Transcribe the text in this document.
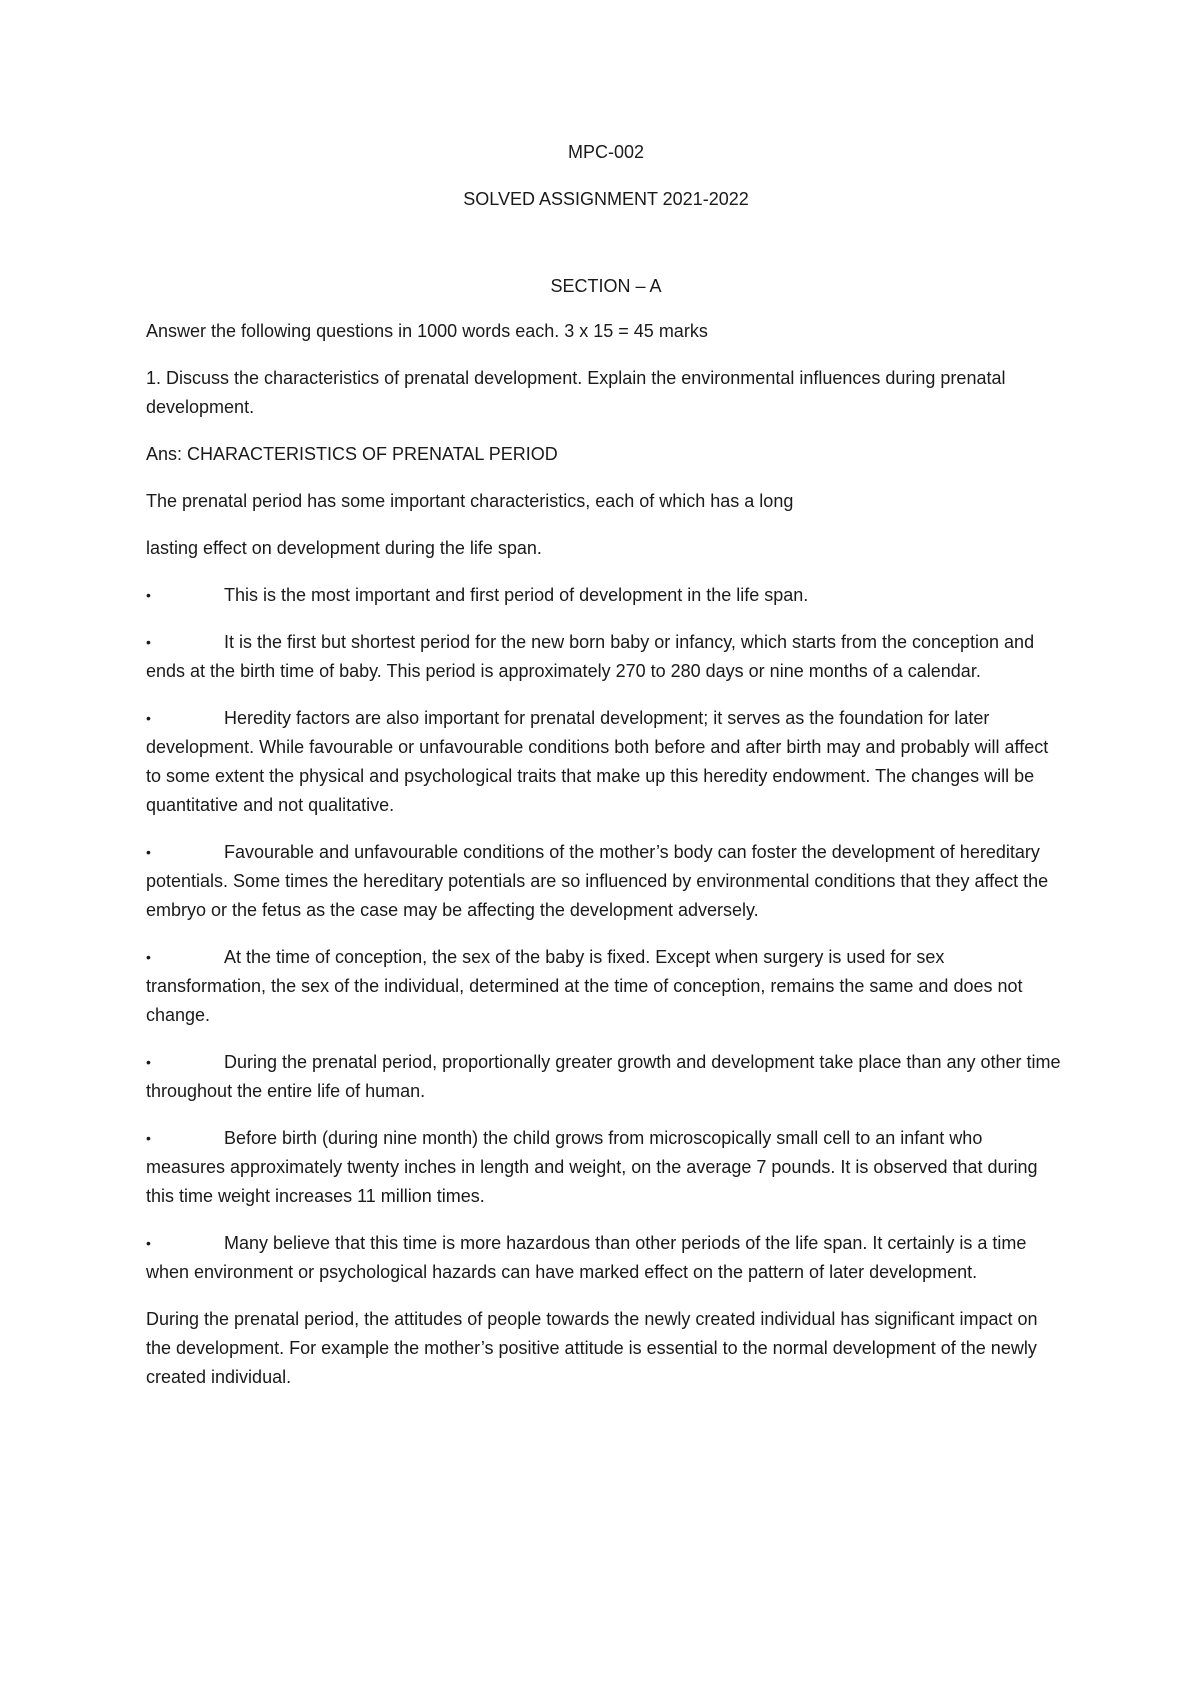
MPC-002
SOLVED ASSIGNMENT 2021-2022
SECTION – A

Answer the following questions in 1000 words each. 3 x 15 = 45 marks

1. Discuss the characteristics of prenatal development. Explain the environmental influences during prenatal development.

Ans: CHARACTERISTICS OF PRENATAL PERIOD

The prenatal period has some important characteristics, each of which has a long

lasting effect on development during the life span.

•	This is the most important and first period of development in the life span.
•	It is the first but shortest period for the new born baby or infancy, which starts from the conception and ends at the birth time of baby. This period is approximately 270 to 280 days or nine months of a calendar.
•	Heredity factors are also important for prenatal development; it serves as the foundation for later development. While favourable or unfavourable conditions both before and after birth may and probably will affect to some extent the physical and psychological traits that make up this heredity endowment. The changes will be quantitative and not qualitative.
•	Favourable and unfavourable conditions of the mother’s body can foster the development of hereditary potentials. Some times the hereditary potentials are so influenced by environmental conditions that they affect the embryo or the fetus as the case may be affecting the development adversely.
•	At the time of conception, the sex of the baby is fixed. Except when surgery is used for sex transformation, the sex of the individual, determined at the time of conception, remains the same and does not change.
•	During the prenatal period, proportionally greater growth and development take place than any other time throughout the entire life of human.
•	Before birth (during nine month) the child grows from microscopically small cell to an infant who measures approximately twenty inches in length and weight, on the average 7 pounds. It is observed that during this time weight increases 11 million times.
•	Many believe that this time is more hazardous than other periods of the life span. It certainly is a time when environment or psychological hazards can have marked effect on the pattern of later development.

During the prenatal period, the attitudes of people towards the newly created individual has significant impact on the development. For example the mother’s positive attitude is essential to the normal development of the newly created individual.
